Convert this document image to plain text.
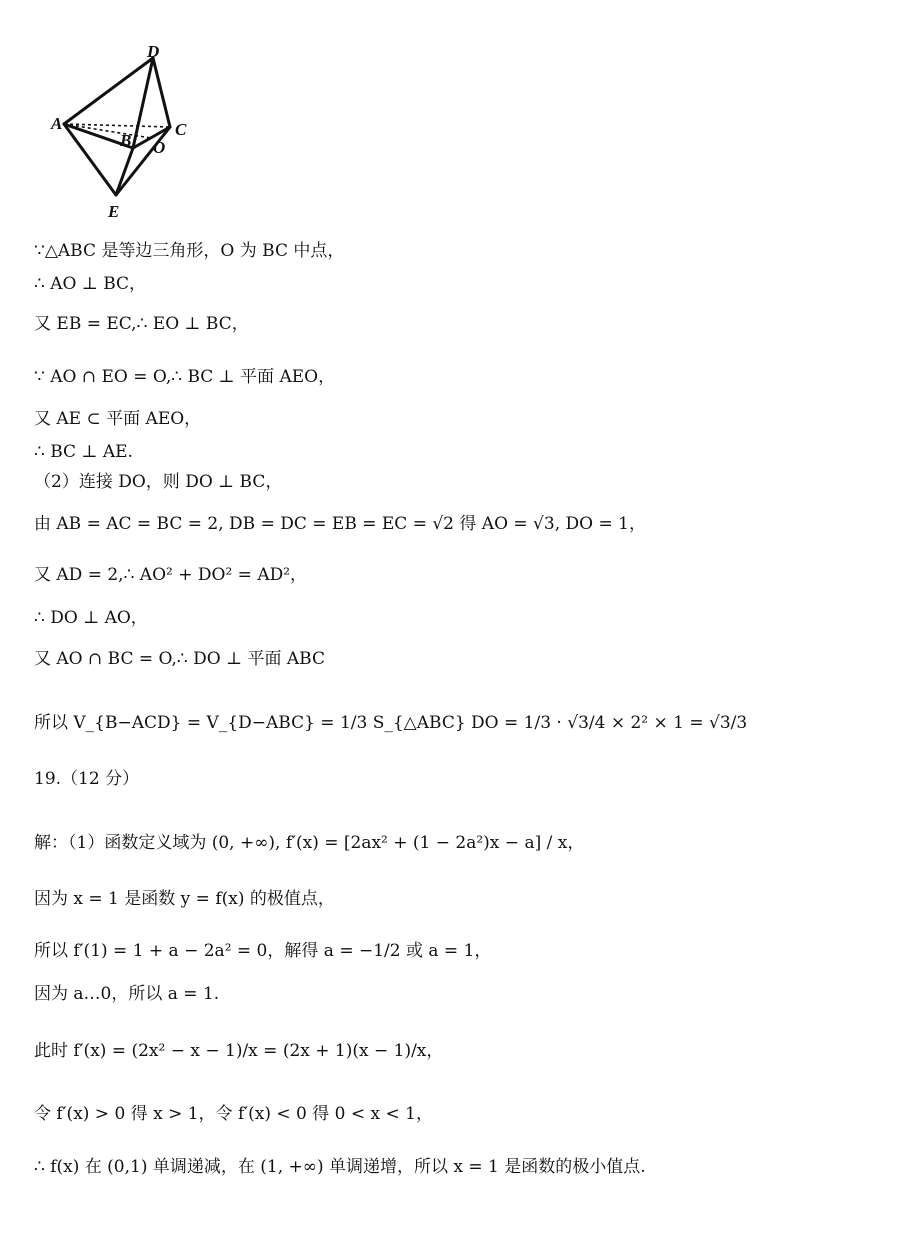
D
A	C
B O
E
∵△ABC 是等边三角形，O 为 BC 中点，
∴ AO ⊥ BC，
又 EB = EC,∴ EO ⊥ BC，
∵ AO ∩ EO = O,∴ BC ⊥ 平面 AEO，
又 AE ⊂ 平面 AEO，
∴ BC ⊥ AE.
（2）连接 DO，则 DO ⊥ BC，
由 AB = AC = BC = 2, DB = DC = EB = EC = √2 得 AO = √3, DO = 1，
又 AD = 2,∴ AO² + DO² = AD²，
∴ DO ⊥ AO，
又 AO ∩ BC = O,∴ DO ⊥ 平面 ABC
所以 V_{B−ACD} = V_{D−ABC} = 1/3 S_{△ABC} DO = 1/3 · √3/4 × 2² × 1 = √3/3
19.（12 分）
解：（1）函数定义域为 (0, +∞), f′(x) = [2ax² + (1 − 2a²)x − a] / x，
因为 x = 1 是函数 y = f(x) 的极值点，
所以 f′(1) = 1 + a − 2a² = 0，解得 a = −1/2 或 a = 1，
因为 a…0，所以 a = 1.
此时 f′(x) = (2x² − x − 1)/x = (2x + 1)(x − 1)/x，
令 f′(x) > 0 得 x > 1，令 f′(x) < 0 得 0 < x < 1，
∴ f(x) 在 (0,1) 单调递减，在 (1, +∞) 单调递增，所以 x = 1 是函数的极小值点.
